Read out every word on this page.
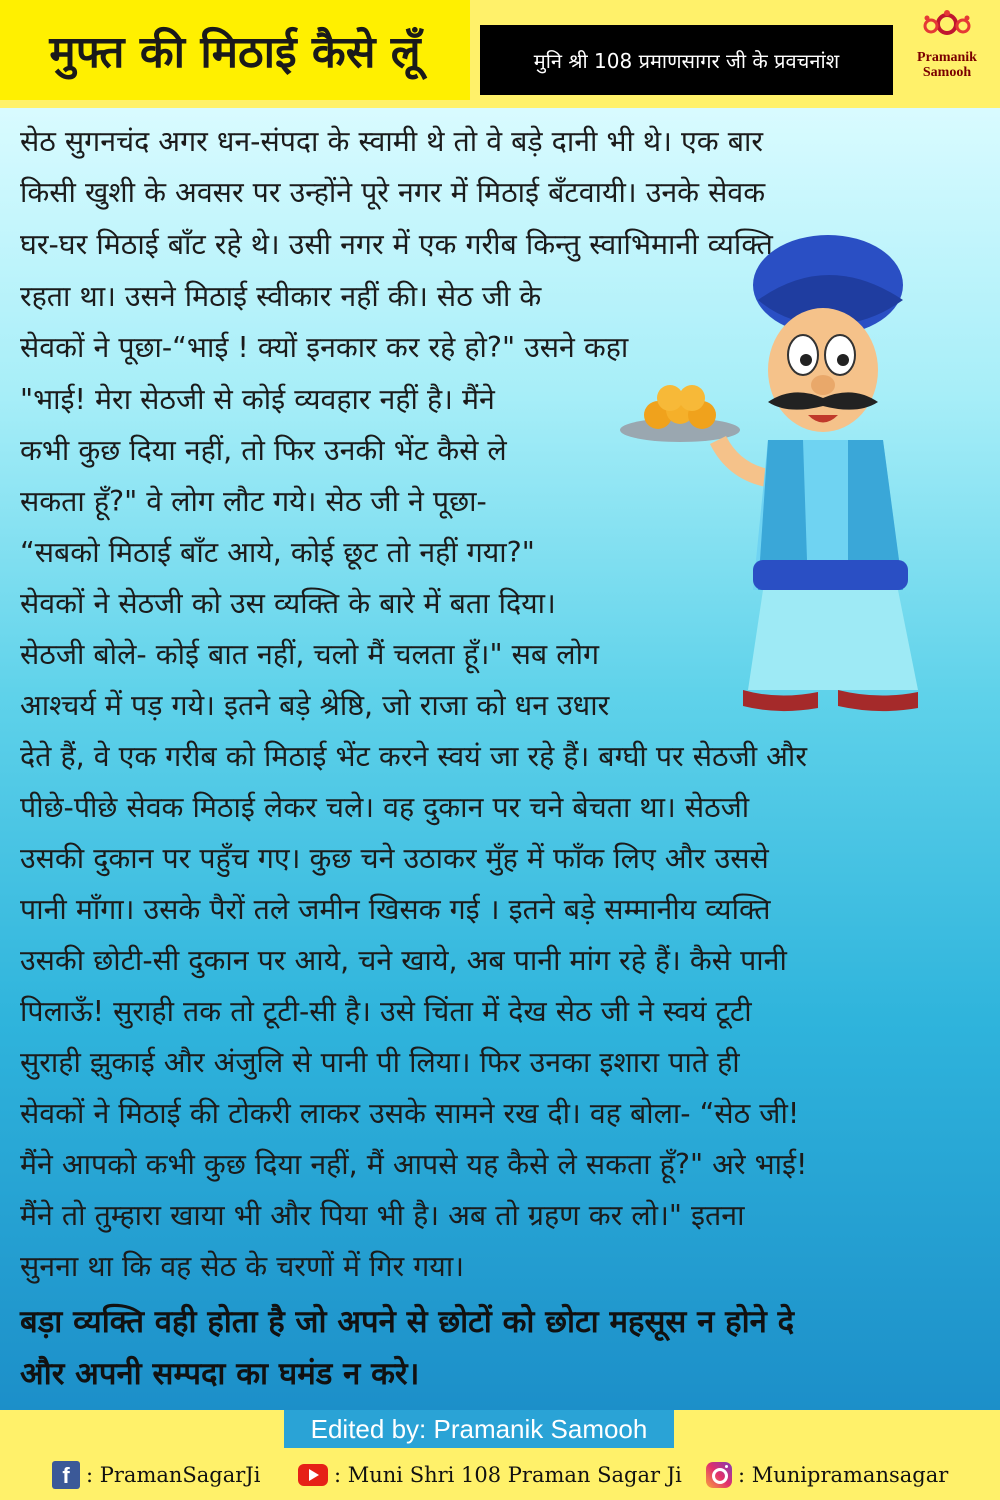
मुफ्त की मिठाई कैसे लूँ	मुनि श्री 108 प्रमाणसागर जी के प्रवचनांश	Pramanik
Samooh
सेठ सुगनचंद अगर धन-संपदा के स्वामी थे तो वे बड़े दानी भी थे। एक बार
किसी खुशी के अवसर पर उन्होंने पूरे नगर में मिठाई बँटवायी। उनके सेवक
घर-घर मिठाई बाँट रहे थे। उसी नगर में एक गरीब किन्तु स्वाभिमानी व्यक्ति
रहता था। उसने मिठाई स्वीकार नहीं की। सेठ जी के
सेवकों ने पूछा-“भाई ! क्यों इनकार कर रहे हो?" उसने कहा
"भाई! मेरा सेठजी से कोई व्यवहार नहीं है। मैंने
कभी कुछ दिया नहीं, तो फिर उनकी भेंट कैसे ले
सकता हूँ?" वे लोग लौट गये। सेठ जी ने पूछा-
“सबको मिठाई बाँट आये, कोई छूट तो नहीं गया?"
सेवकों ने सेठजी को उस व्यक्ति के बारे में बता दिया।
सेठजी बोले- कोई बात नहीं, चलो मैं चलता हूँ।" सब लोग
आश्चर्य में पड़ गये। इतने बड़े श्रेष्ठि, जो राजा को धन उधार
देते हैं, वे एक गरीब को मिठाई भेंट करने स्वयं जा रहे हैं। बग्घी पर सेठजी और
पीछे-पीछे सेवक मिठाई लेकर चले। वह दुकान पर चने बेचता था। सेठजी
उसकी दुकान पर पहुँच गए। कुछ चने उठाकर मुँह में फाँक लिए और उससे
पानी माँगा। उसके पैरों तले जमीन खिसक गई । इतने बड़े सम्मानीय व्यक्ति
उसकी छोटी-सी दुकान पर आये, चने खाये, अब पानी मांग रहे हैं। कैसे पानी
पिलाऊँ! सुराही तक तो टूटी-सी है। उसे चिंता में देख सेठ जी ने स्वयं टूटी
सुराही झुकाई और अंजुलि से पानी पी लिया। फिर उनका इशारा पाते ही
सेवकों ने मिठाई की टोकरी लाकर उसके सामने रख दी। वह बोला- “सेठ जी!
मैंने आपको कभी कुछ दिया नहीं, मैं आपसे यह कैसे ले सकता हूँ?" अरे भाई!
मैंने तो तुम्हारा खाया भी और पिया भी है। अब तो ग्रहण कर लो।" इतना
सुनना था कि वह सेठ के चरणों में गिर गया।
बड़ा व्यक्ति वही होता है जो अपने से छोटों को छोटा महसूस न होने दे
और अपनी सम्पदा का घमंड न करे।
Edited by: Pramanik Samooh
f : PramanSagarJi	: Muni Shri 108 Praman Sagar Ji	: Munipramansagar
